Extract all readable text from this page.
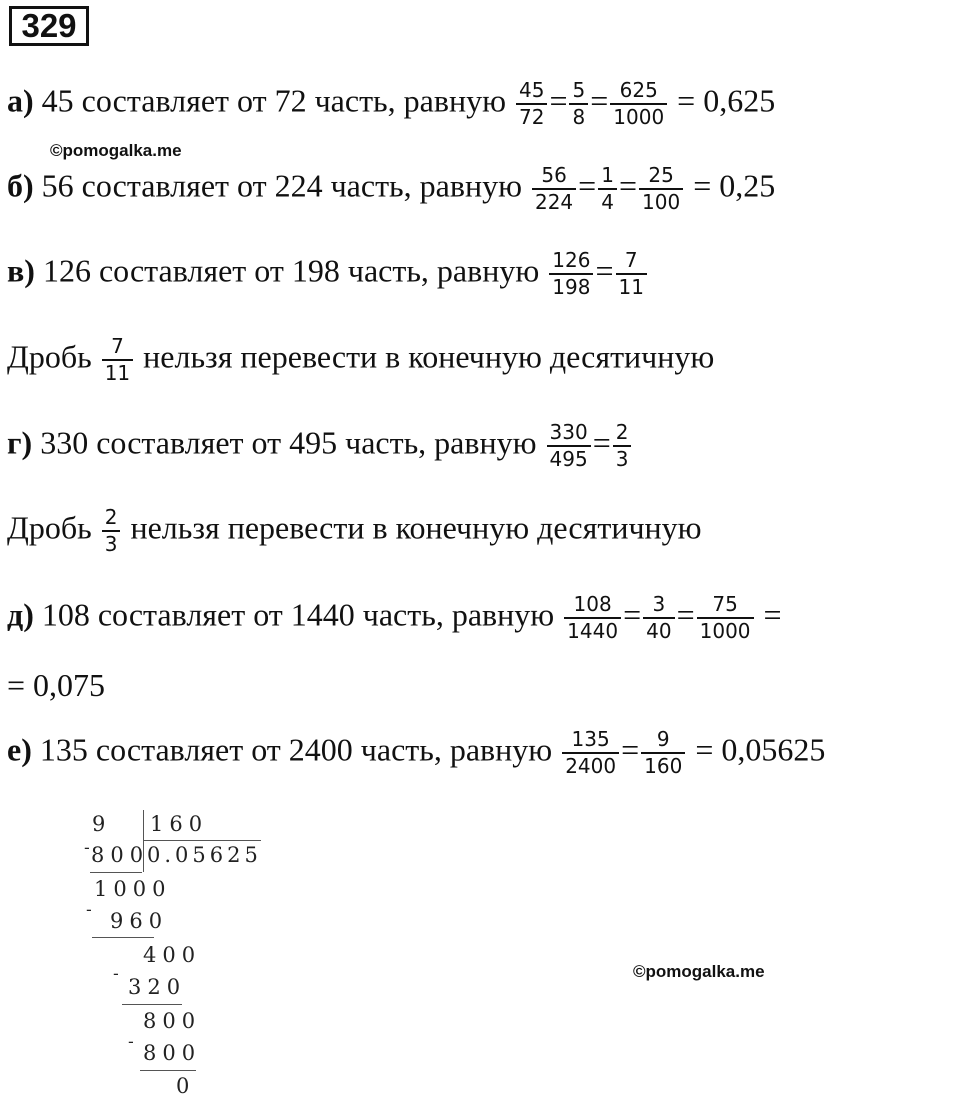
329
а) 45 составляет от 72 часть, равную $\frac{45}{72} = \frac{5}{8} = \frac{625}{1000} = 0,625$
©pomogalka.me
б) 56 составляет от 224 часть, равную $\frac{56}{224} = \frac{1}{4} = \frac{25}{100} = 0,25$
в) 126 составляет от 198 часть, равную $\frac{126}{198} = \frac{7}{11}$
Дробь $\frac{7}{11}$ нельзя перевести в конечную десятичную
г) 330 составляет от 495 часть, равную $\frac{330}{495} = \frac{2}{3}$
Дробь $\frac{2}{3}$ нельзя перевести в конечную десятичную
д) 108 составляет от 1440 часть, равную $\frac{108}{1440} = \frac{3}{40} = \frac{75}{1000}$ =
= 0,075
е) 135 составляет от 2400 часть, равную $\frac{135}{2400} = \frac{9}{160} = 0,05625$
9 160
0.05625
- 800
1000
- 960
400
-
320
800
- 800
0
©pomogalka.me
